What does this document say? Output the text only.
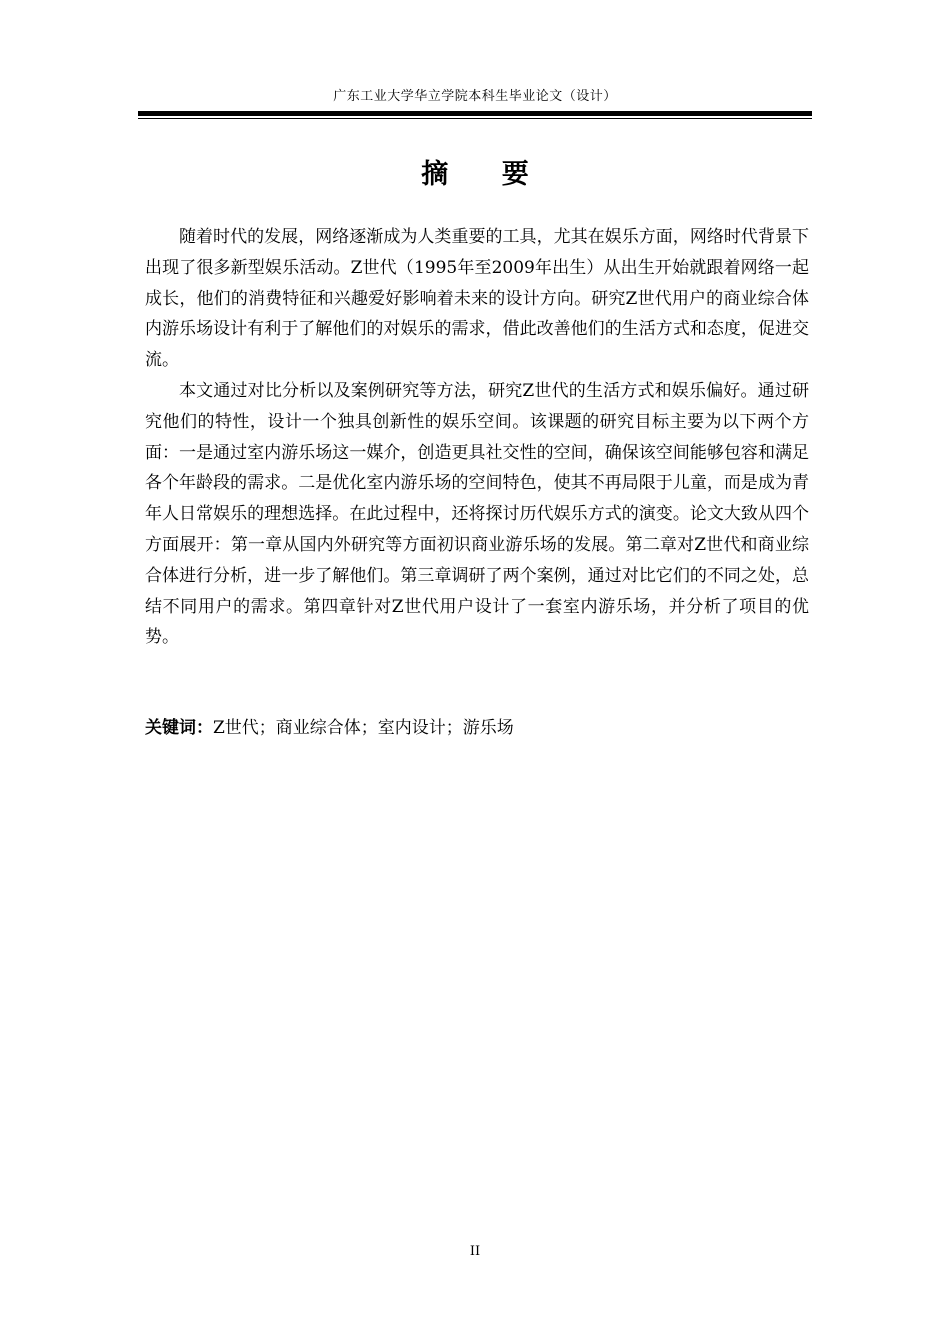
广东工业大学华立学院本科生毕业论文（设计）
摘 要

随着时代的发展，网络逐渐成为人类重要的工具，尤其在娱乐方面，网络时代背景下出现了很多新型娱乐活动。Z世代（1995年至2009年出生）从出生开始就跟着网络一起成长，他们的消费特征和兴趣爱好影响着未来的设计方向。研究Z世代用户的商业综合体内游乐场设计有利于了解他们的对娱乐的需求，借此改善他们的生活方式和态度，促进交流。

本文通过对比分析以及案例研究等方法，研究Z世代的生活方式和娱乐偏好。通过研究他们的特性，设计一个独具创新性的娱乐空间。该课题的研究目标主要为以下两个方面：一是通过室内游乐场这一媒介，创造更具社交性的空间，确保该空间能够包容和满足各个年龄段的需求。二是优化室内游乐场的空间特色，使其不再局限于儿童，而是成为青年人日常娱乐的理想选择。在此过程中，还将探讨历代娱乐方式的演变。论文大致从四个方面展开：第一章从国内外研究等方面初识商业游乐场的发展。第二章对Z世代和商业综合体进行分析，进一步了解他们。第三章调研了两个案例，通过对比它们的不同之处，总结不同用户的需求。第四章针对Z世代用户设计了一套室内游乐场，并分析了项目的优势。

关键词：Z世代；商业综合体；室内设计；游乐场
II
